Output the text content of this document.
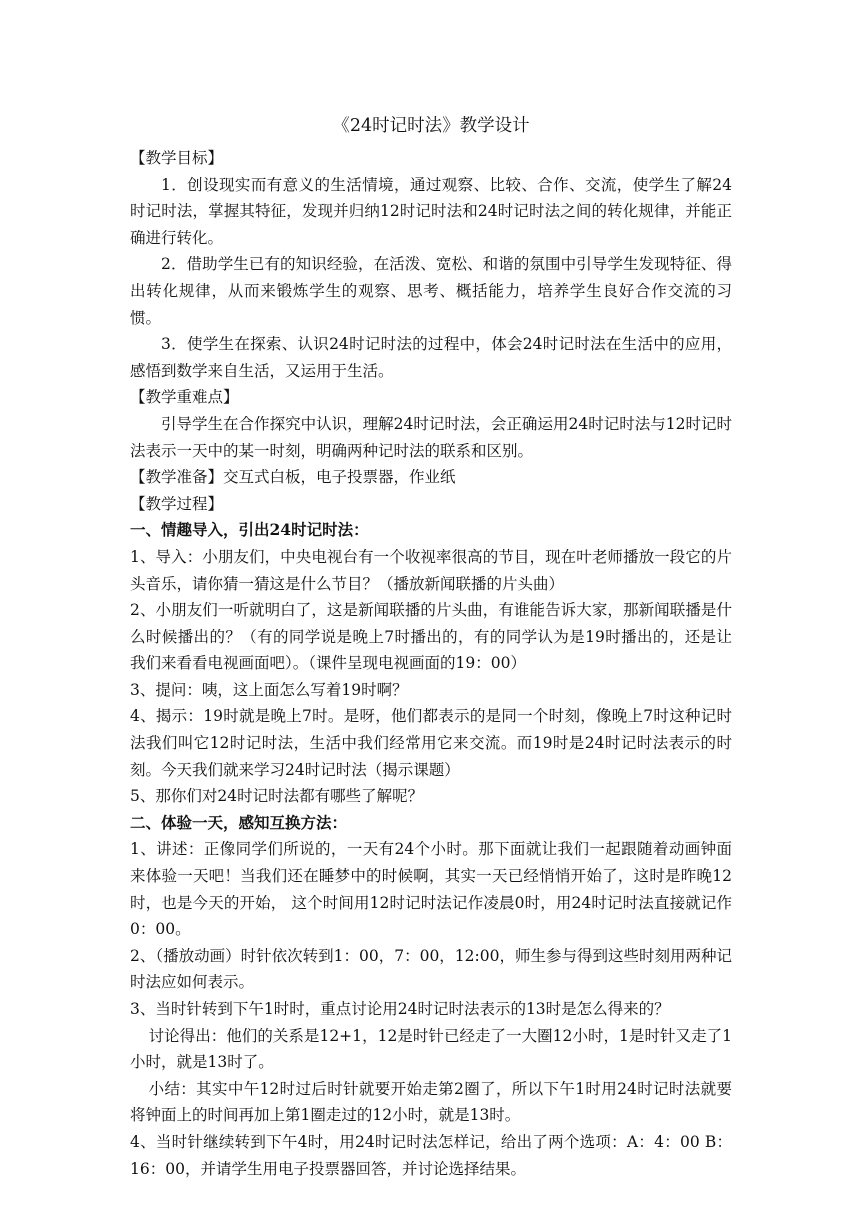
《24时记时法》教学设计

【教学目标】

1．创设现实而有意义的生活情境，通过观察、比较、合作、交流，使学生了解24时记时法，掌握其特征，发现并归纳12时记时法和24时记时法之间的转化规律，并能正确进行转化。

2．借助学生已有的知识经验，在活泼、宽松、和谐的氛围中引导学生发现特征、得出转化规律，从而来锻炼学生的观察、思考、概括能力，培养学生良好合作交流的习惯。

3．使学生在探索、认识24时记时法的过程中，体会24时记时法在生活中的应用，感悟到数学来自生活，又运用于生活。

【教学重难点】

引导学生在合作探究中认识，理解24时记时法，会正确运用24时记时法与12时记时法表示一天中的某一时刻，明确两种记时法的联系和区别。

【教学准备】交互式白板，电子投票器，作业纸

【教学过程】

一、情趣导入，引出24时记时法：

1、导入：小朋友们，中央电视台有一个收视率很高的节目，现在叶老师播放一段它的片头音乐，请你猜一猜这是什么节目？（播放新闻联播的片头曲）

2、小朋友们一听就明白了，这是新闻联播的片头曲，有谁能告诉大家，那新闻联播是什么时候播出的？（有的同学说是晚上7时播出的，有的同学认为是19时播出的，还是让我们来看看电视画面吧）。（课件呈现电视画面的19：00）

3、提问：咦，这上面怎么写着19时啊？

4、揭示：19时就是晚上7时。是呀，他们都表示的是同一个时刻，像晚上7时这种记时法我们叫它12时记时法，生活中我们经常用它来交流。而19时是24时记时法表示的时刻。今天我们就来学习24时记时法（揭示课题）

5、那你们对24时记时法都有哪些了解呢？

二、体验一天，感知互换方法：

1、讲述：正像同学们所说的，一天有24个小时。那下面就让我们一起跟随着动画钟面来体验一天吧！当我们还在睡梦中的时候啊，其实一天已经悄悄开始了，这时是昨晚12时，也是今天的开始， 这个时间用12时记时法记作凌晨0时，用24时记时法直接就记作0：00。

2、（播放动画）时针依次转到1：00，7：00，12:00，师生参与得到这些时刻用两种记时法应如何表示。

3、当时针转到下午1时时，重点讨论用24时记时法表示的13时是怎么得来的？

讨论得出：他们的关系是12+1，12是时针已经走了一大圈12小时，1是时针又走了1小时，就是13时了。

小结：其实中午12时过后时针就要开始走第2圈了，所以下午1时用24时记时法就要将钟面上的时间再加上第1圈走过的12小时，就是13时。

4、当时针继续转到下午4时，用24时记时法怎样记，给出了两个选项：A：4：00 B：16：00，并请学生用电子投票器回答，并讨论选择结果。
